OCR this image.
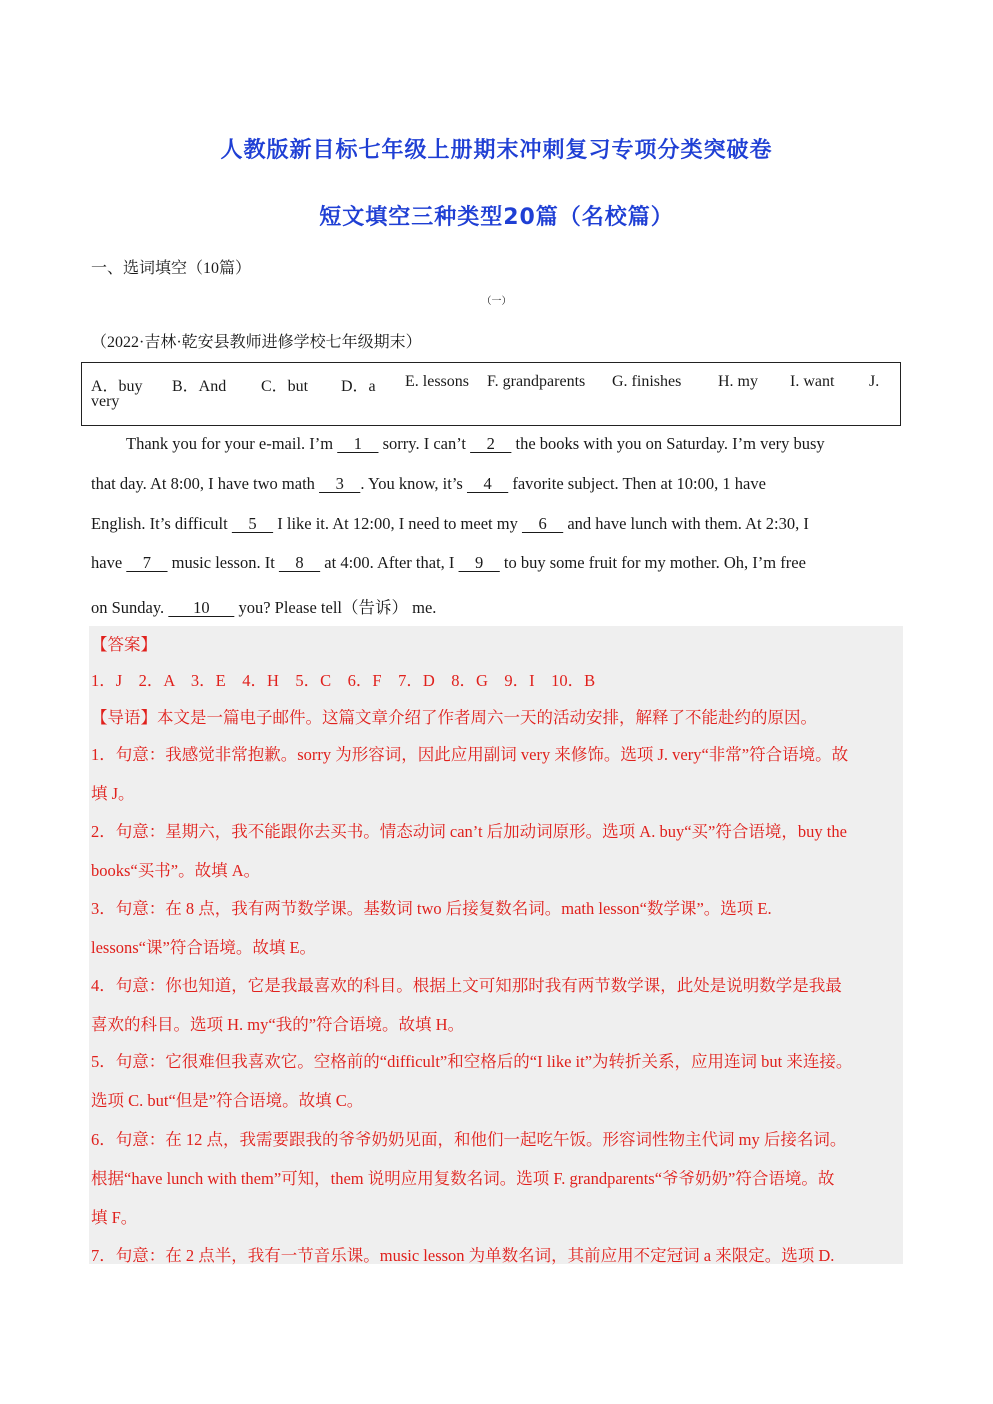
人教版新目标七年级上册期末冲刺复习专项分类突破卷
短文填空三种类型20篇（名校篇）
一、选词填空（10篇）
（一）
（2022·吉林·乾安县教师进修学校七年级期末）
A．buy B．And C．but D．a E. lessons F. grandparents G. finishes H. my I. want J.
very
Thank you for your e-mail. I’m     1     sorry. I can’t     2     the books with you on Saturday. I’m very busy
that day. At 8:00, I have two math     3    . You know, it’s     4     favorite subject. Then at 10:00, 1 have
English. It’s difficult     5     I like it. At 12:00, I need to meet my     6     and have lunch with them. At 2:30, I
have     7     music lesson. It     8     at 4:00. After that, I     9     to buy some fruit for my mother. Oh, I’m free
on Sunday.       10       you? Please tell（告诉） me.
【答案】
1．J　2．A　3．E　4．H　5．C　6．F　7．D　8．G　9．I　10．B
【导语】本文是一篇电子邮件。这篇文章介绍了作者周六一天的活动安排，解释了不能赴约的原因。
1．句意：我感觉非常抱歉。sorry 为形容词，因此应用副词 very 来修饰。选项 J. very“非常”符合语境。故
填 J。
2．句意：星期六，我不能跟你去买书。情态动词 can’t 后加动词原形。选项 A. buy“买”符合语境，buy the
books“买书”。故填 A。
3．句意：在 8 点，我有两节数学课。基数词 two 后接复数名词。math lesson“数学课”。选项 E.
lessons“课”符合语境。故填 E。
4．句意：你也知道，它是我最喜欢的科目。根据上文可知那时我有两节数学课，此处是说明数学是我最
喜欢的科目。选项 H. my“我的”符合语境。故填 H。
5．句意：它很难但我喜欢它。空格前的“difficult”和空格后的“I like it”为转折关系，应用连词 but 来连接。
选项 C. but“但是”符合语境。故填 C。
6．句意：在 12 点，我需要跟我的爷爷奶奶见面，和他们一起吃午饭。形容词性物主代词 my 后接名词。
根据“have lunch with them”可知，them 说明应用复数名词。选项 F. grandparents“爷爷奶奶”符合语境。故
填 F。
7．句意：在 2 点半，我有一节音乐课。music lesson 为单数名词，其前应用不定冠词 a 来限定。选项 D.
